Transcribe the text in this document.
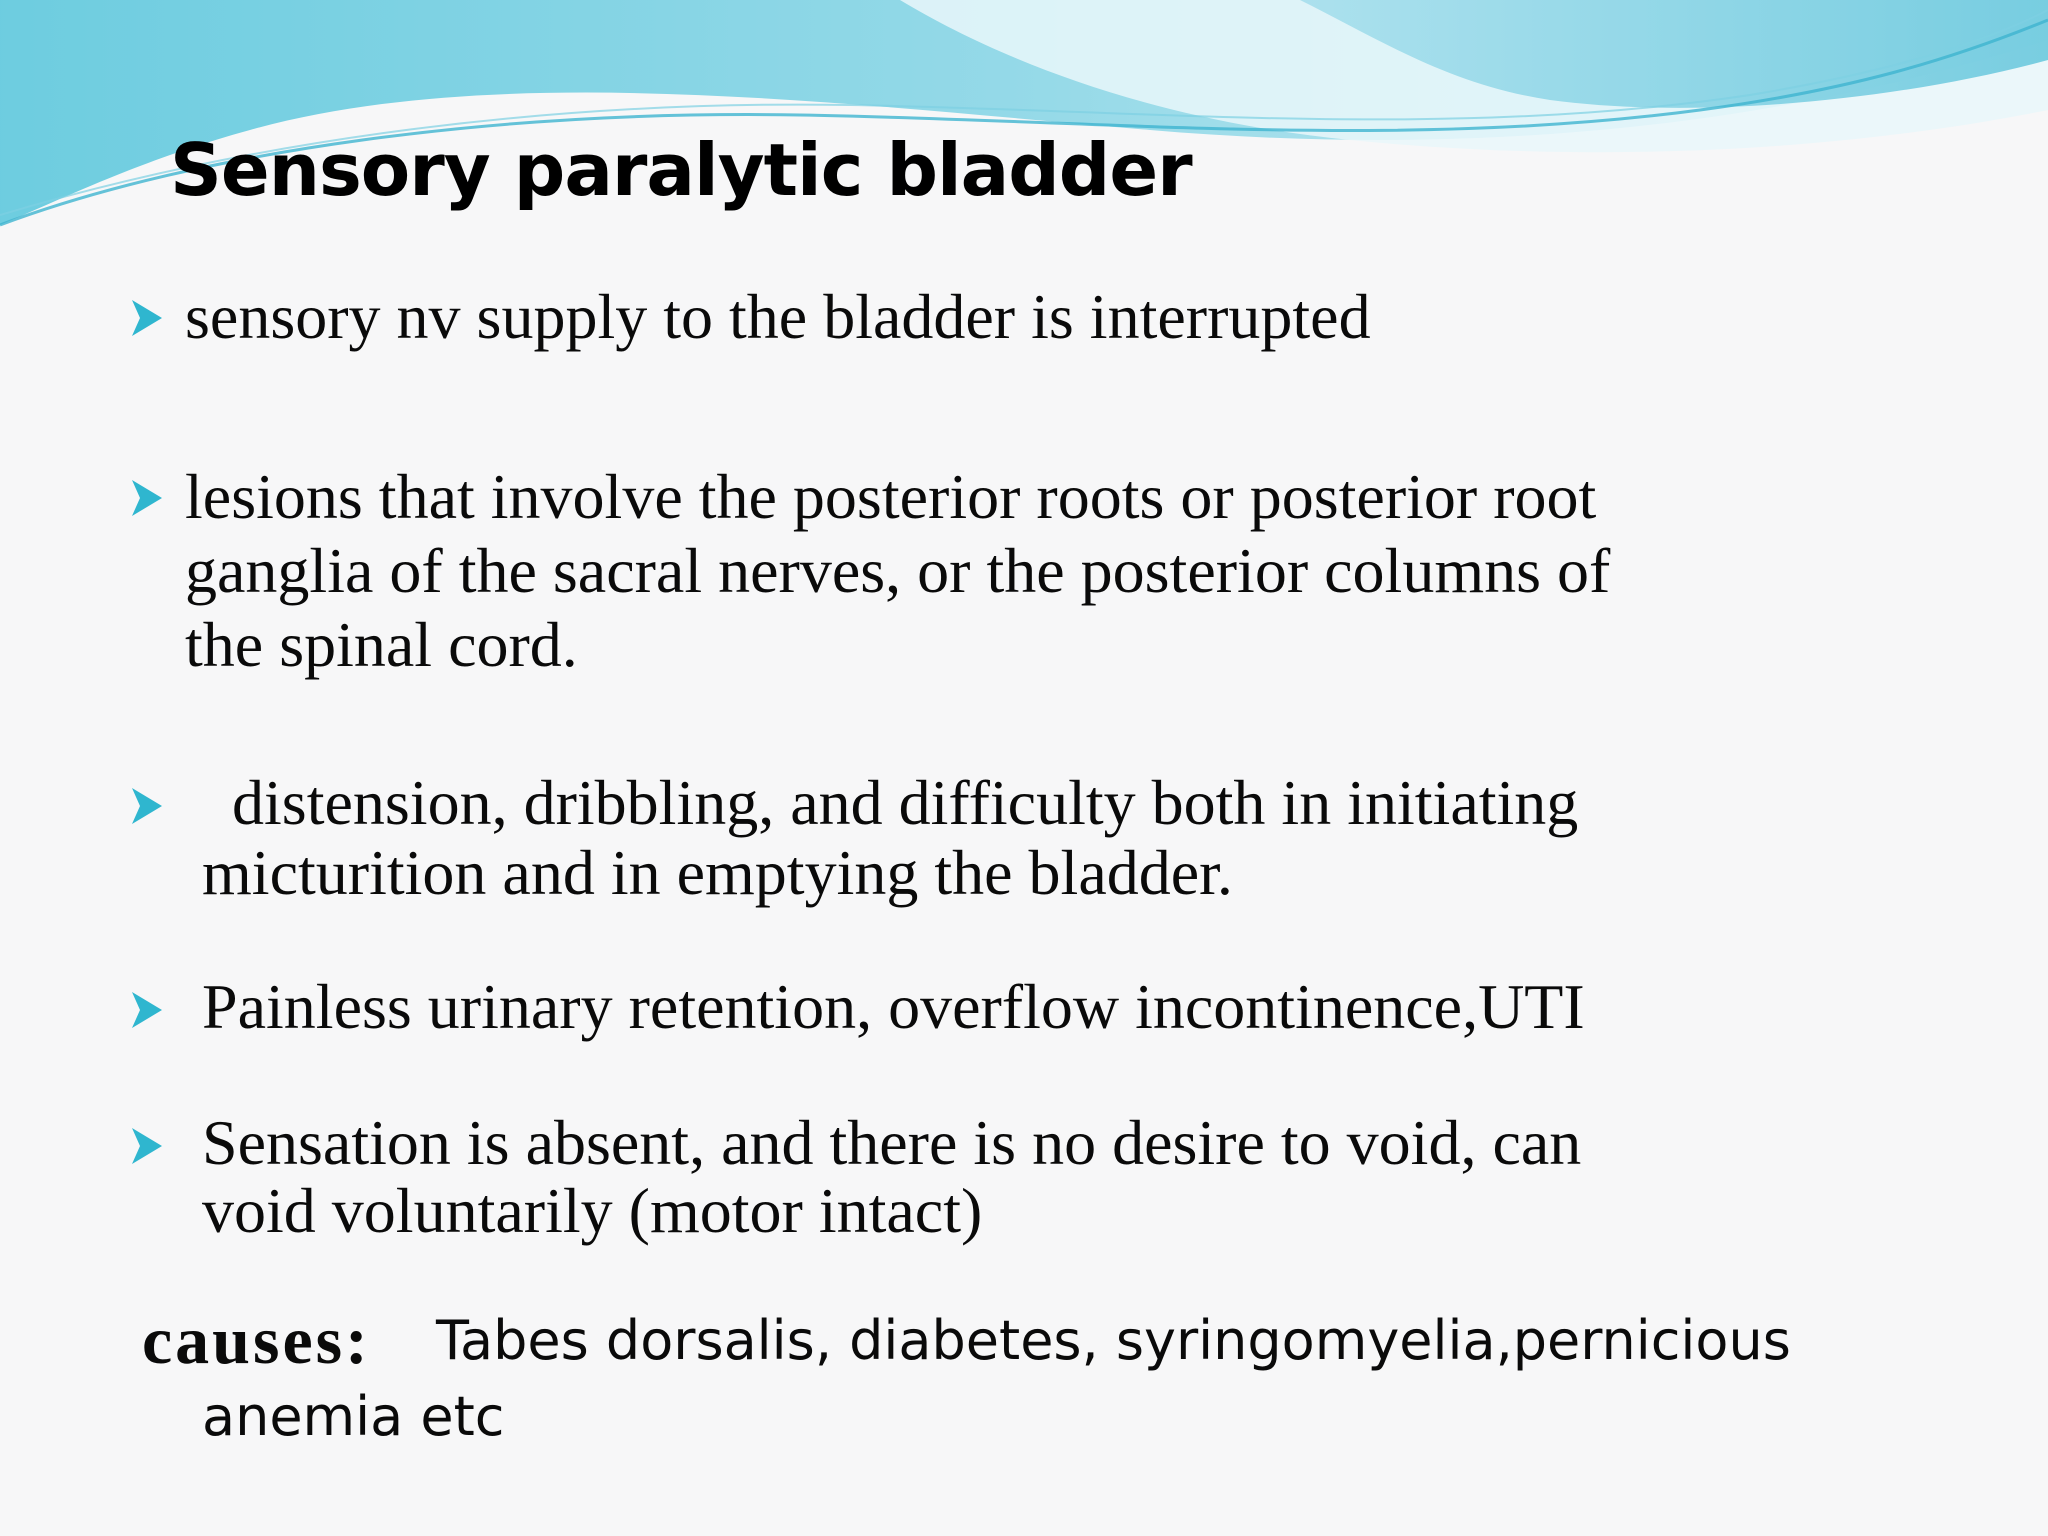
Sensory paralytic bladder

sensory nv supply to the bladder is interrupted

lesions that involve the posterior roots or posterior root

ganglia of the sacral nerves, or the posterior columns of

the spinal cord.

distension, dribbling, and difficulty both in initiating

micturition and in emptying the bladder.

Painless urinary retention, overflow incontinence,UTI

Sensation is absent, and there is no desire to void, can

void voluntarily (motor intact)

causes: Tabes dorsalis, diabetes, syringomyelia,pernicious
anemia etc
